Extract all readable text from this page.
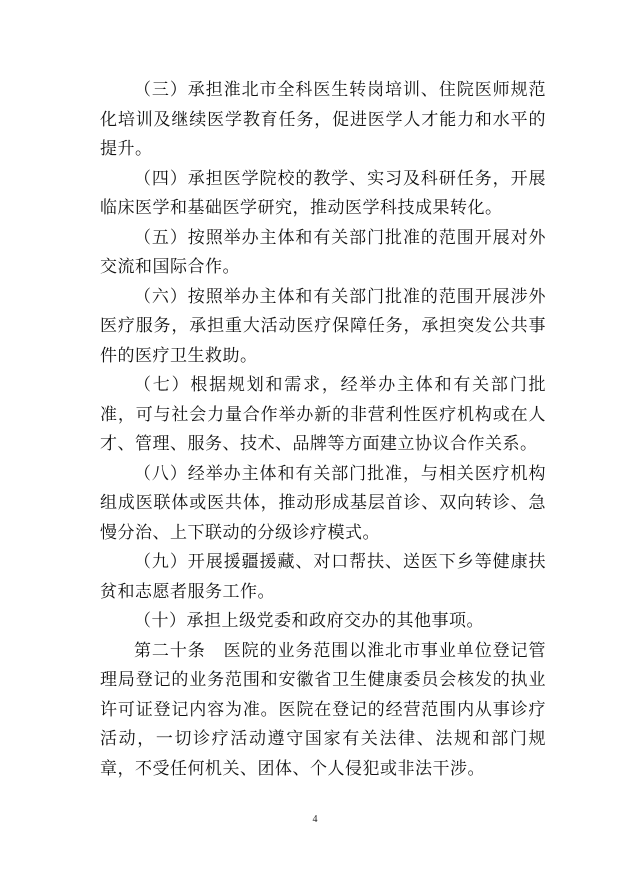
（三）承担淮北市全科医生转岗培训、住院医师规范化培训及继续医学教育任务，促进医学人才能力和水平的提升。

（四）承担医学院校的教学、实习及科研任务，开展临床医学和基础医学研究，推动医学科技成果转化。

（五）按照举办主体和有关部门批准的范围开展对外交流和国际合作。

（六）按照举办主体和有关部门批准的范围开展涉外医疗服务，承担重大活动医疗保障任务，承担突发公共事件的医疗卫生救助。

（七）根据规划和需求，经举办主体和有关部门批准，可与社会力量合作举办新的非营利性医疗机构或在人才、管理、服务、技术、品牌等方面建立协议合作关系。

（八）经举办主体和有关部门批准，与相关医疗机构组成医联体或医共体，推动形成基层首诊、双向转诊、急慢分治、上下联动的分级诊疗模式。

（九）开展援疆援藏、对口帮扶、送医下乡等健康扶贫和志愿者服务工作。

（十）承担上级党委和政府交办的其他事项。

第二十条　医院的业务范围以淮北市事业单位登记管理局登记的业务范围和安徽省卫生健康委员会核发的执业许可证登记内容为准。医院在登记的经营范围内从事诊疗活动，一切诊疗活动遵守国家有关法律、法规和部门规章，不受任何机关、团体、个人侵犯或非法干涉。

4
